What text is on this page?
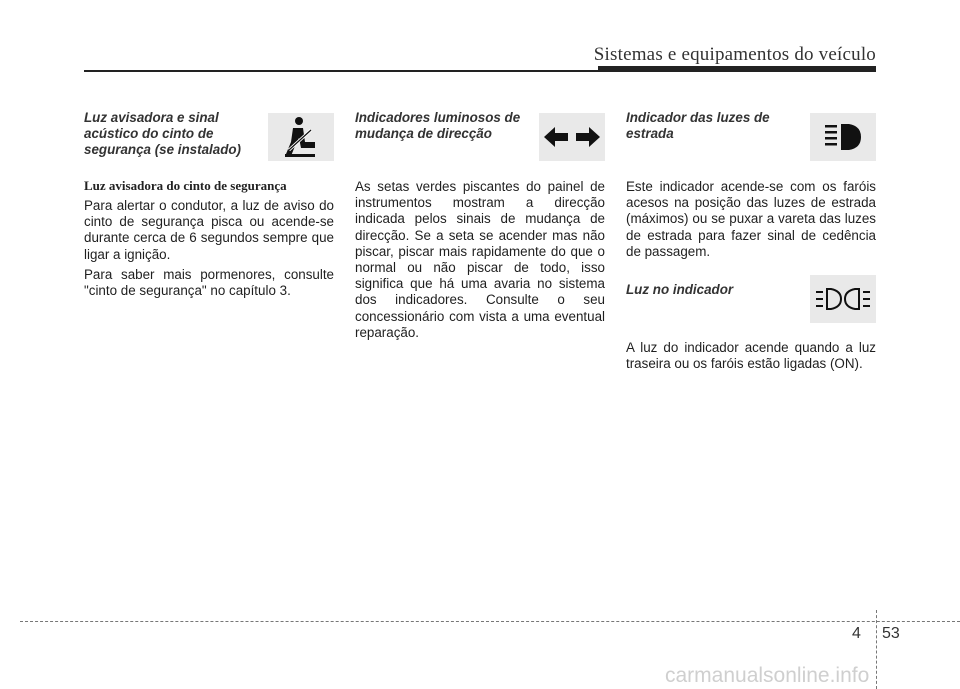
Sistemas e equipamentos do veículo
Luz avisadora e sinal
acústico do cinto de
segurança (se instalado)
Luz avisadora do cinto de segurança

Para alertar o condutor, a luz de aviso do cinto de segurança pisca ou acende-se durante cerca de 6 segundos sempre que ligar a ignição.

Para saber mais pormenores, consulte "cinto de segurança" no capítulo 3.

Indicadores luminosos de
mudança de direcção

As setas verdes piscantes do painel de instrumentos mostram a direcção indicada pelos sinais de mudança de direcção. Se a seta se acender mas não piscar, piscar mais rapidamente do que o normal ou não piscar de todo, isso significa que há uma avaria no sistema dos indicadores. Consulte o seu concessionário com vista a uma eventual reparação.

Indicador das luzes de
estrada

Este indicador acende-se com os faróis acesos na posição das luzes de estrada (máximos) ou se puxar a vareta das luzes de estrada para fazer sinal de cedência de passagem.

Luz no indicador

A luz do indicador acende quando a luz traseira ou os faróis estão ligadas (ON).

4 53
carmanualsonline.info
